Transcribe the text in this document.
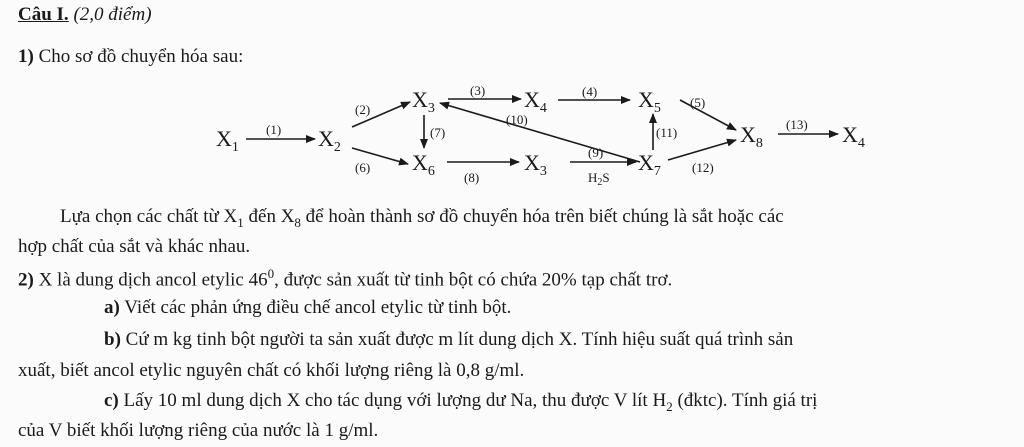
Câu I. (2,0 điểm)
1) Cho sơ đồ chuyển hóa sau:
$X_1$	$X_2$
$X_3$	$X_4$	$X_5$
$X_6$	$X_3$	$X_7$
$X_8$	$X_4$
(1)
(2)
(3)	(4)
(5)
(6)
(7)
(8)
(9)
(10)
(11)
(12)
(13)
$H_2S$
Lựa chọn các chất từ $X_1$ đến $X_8$ để hoàn thành sơ đồ chuyển hóa trên biết chúng là sắt hoặc các
hợp chất của sắt và khác nhau.
2) X là dung dịch ancol etylic $46^0$, được sản xuất từ tinh bột có chứa 20% tạp chất trơ.
a) Viết các phản ứng điều chế ancol etylic từ tinh bột.
b) Cứ m kg tinh bột người ta sản xuất được m lít dung dịch X. Tính hiệu suất quá trình sản
xuất, biết ancol etylic nguyên chất có khối lượng riêng là 0,8 g/ml.
c) Lấy 10 ml dung dịch X cho tác dụng với lượng dư Na, thu được V lít $H_2$ (đktc). Tính giá trị
của V biết khối lượng riêng của nước là 1 g/ml.
